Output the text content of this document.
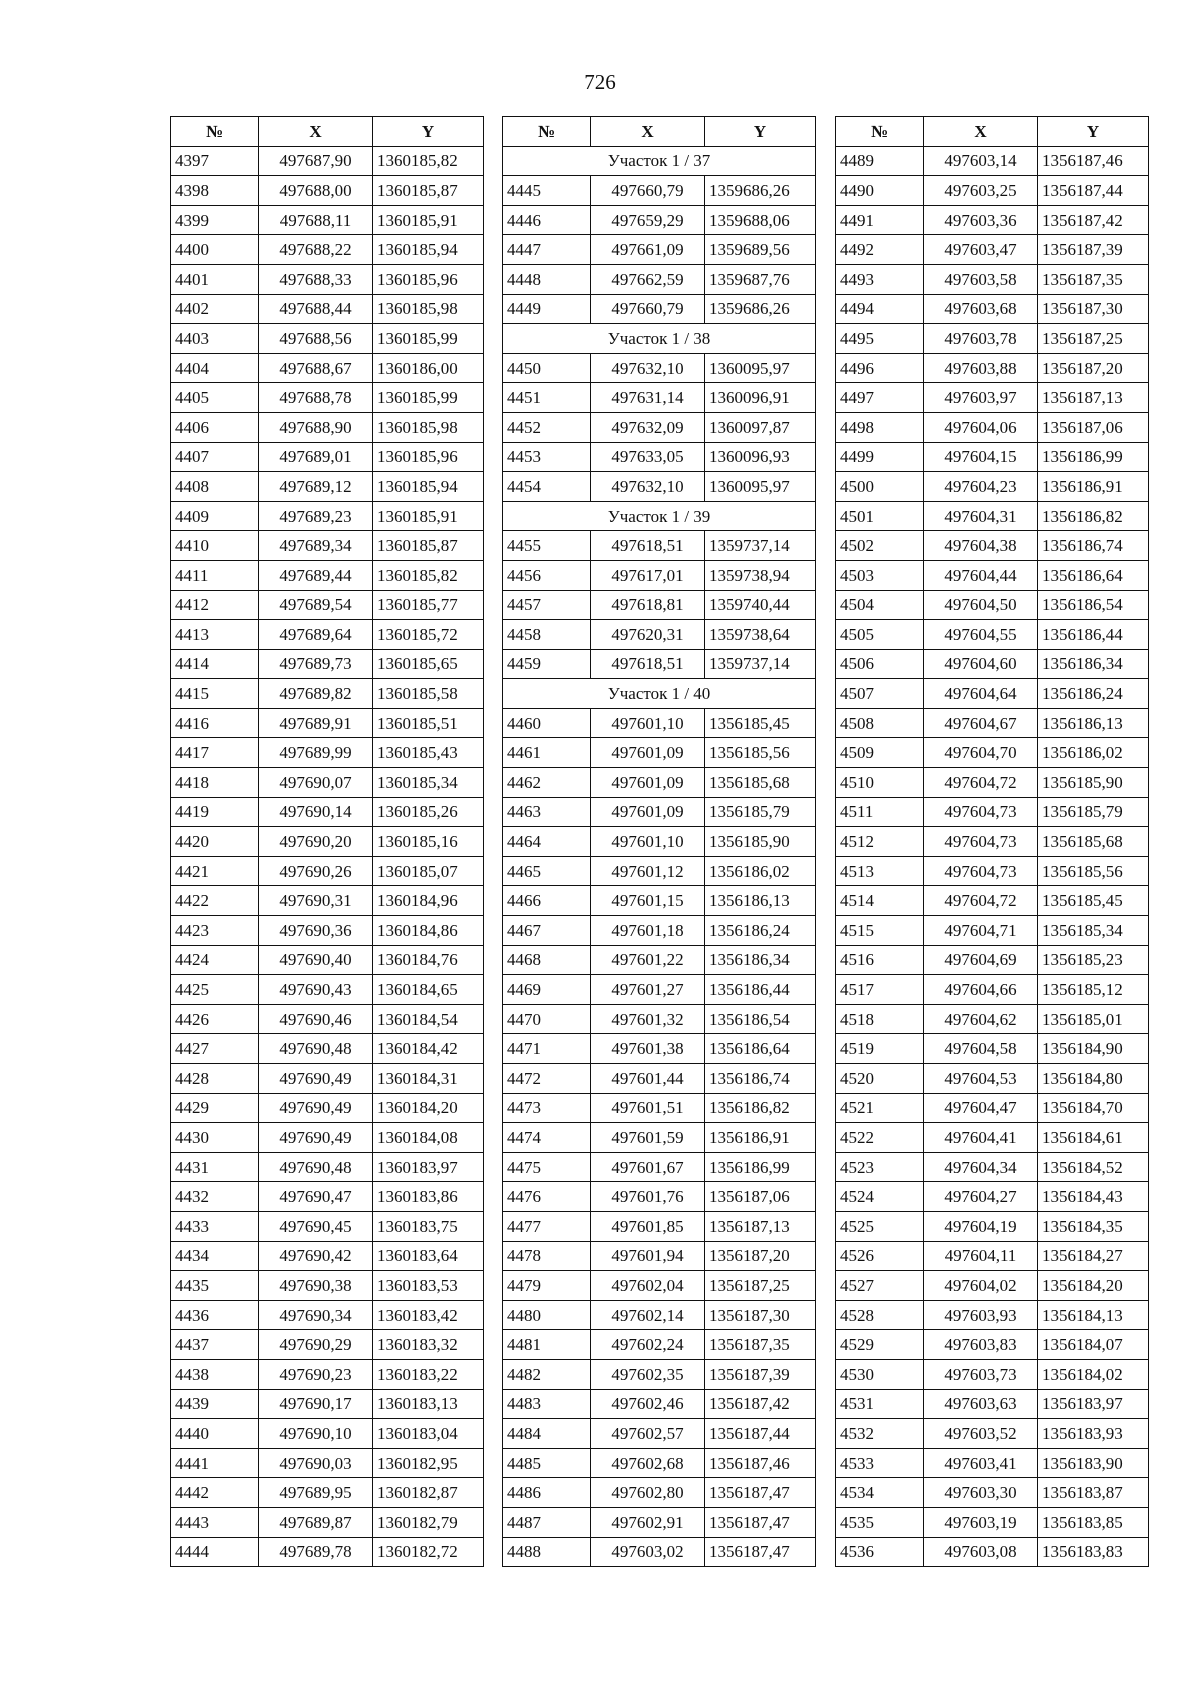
726
№	X	Y
4397	497687,90	1360185,82
4398	497688,00	1360185,87
4399	497688,11	1360185,91
4400	497688,22	1360185,94
4401	497688,33	1360185,96
4402	497688,44	1360185,98
4403	497688,56	1360185,99
4404	497688,67	1360186,00
4405	497688,78	1360185,99
4406	497688,90	1360185,98
4407	497689,01	1360185,96
4408	497689,12	1360185,94
4409	497689,23	1360185,91
4410	497689,34	1360185,87
4411	497689,44	1360185,82
4412	497689,54	1360185,77
4413	497689,64	1360185,72
4414	497689,73	1360185,65
4415	497689,82	1360185,58
4416	497689,91	1360185,51
4417	497689,99	1360185,43
4418	497690,07	1360185,34
4419	497690,14	1360185,26
4420	497690,20	1360185,16
4421	497690,26	1360185,07
4422	497690,31	1360184,96
4423	497690,36	1360184,86
4424	497690,40	1360184,76
4425	497690,43	1360184,65
4426	497690,46	1360184,54
4427	497690,48	1360184,42
4428	497690,49	1360184,31
4429	497690,49	1360184,20
4430	497690,49	1360184,08
4431	497690,48	1360183,97
4432	497690,47	1360183,86
4433	497690,45	1360183,75
4434	497690,42	1360183,64
4435	497690,38	1360183,53
4436	497690,34	1360183,42
4437	497690,29	1360183,32
4438	497690,23	1360183,22
4439	497690,17	1360183,13
4440	497690,10	1360183,04
4441	497690,03	1360182,95
4442	497689,95	1360182,87
4443	497689,87	1360182,79
4444	497689,78	1360182,72
№	X	Y
Участок 1 / 37		
4445	497660,79	1359686,26
4446	497659,29	1359688,06
4447	497661,09	1359689,56
4448	497662,59	1359687,76
4449	497660,79	1359686,26
Участок 1 / 38		
4450	497632,10	1360095,97
4451	497631,14	1360096,91
4452	497632,09	1360097,87
4453	497633,05	1360096,93
4454	497632,10	1360095,97
Участок 1 / 39		
4455	497618,51	1359737,14
4456	497617,01	1359738,94
4457	497618,81	1359740,44
4458	497620,31	1359738,64
4459	497618,51	1359737,14
Участок 1 / 40		
4460	497601,10	1356185,45
4461	497601,09	1356185,56
4462	497601,09	1356185,68
4463	497601,09	1356185,79
4464	497601,10	1356185,90
4465	497601,12	1356186,02
4466	497601,15	1356186,13
4467	497601,18	1356186,24
4468	497601,22	1356186,34
4469	497601,27	1356186,44
4470	497601,32	1356186,54
4471	497601,38	1356186,64
4472	497601,44	1356186,74
4473	497601,51	1356186,82
4474	497601,59	1356186,91
4475	497601,67	1356186,99
4476	497601,76	1356187,06
4477	497601,85	1356187,13
4478	497601,94	1356187,20
4479	497602,04	1356187,25
4480	497602,14	1356187,30
4481	497602,24	1356187,35
4482	497602,35	1356187,39
4483	497602,46	1356187,42
4484	497602,57	1356187,44
4485	497602,68	1356187,46
4486	497602,80	1356187,47
4487	497602,91	1356187,47
4488	497603,02	1356187,47
№	X	Y
4489	497603,14	1356187,46
4490	497603,25	1356187,44
4491	497603,36	1356187,42
4492	497603,47	1356187,39
4493	497603,58	1356187,35
4494	497603,68	1356187,30
4495	497603,78	1356187,25
4496	497603,88	1356187,20
4497	497603,97	1356187,13
4498	497604,06	1356187,06
4499	497604,15	1356186,99
4500	497604,23	1356186,91
4501	497604,31	1356186,82
4502	497604,38	1356186,74
4503	497604,44	1356186,64
4504	497604,50	1356186,54
4505	497604,55	1356186,44
4506	497604,60	1356186,34
4507	497604,64	1356186,24
4508	497604,67	1356186,13
4509	497604,70	1356186,02
4510	497604,72	1356185,90
4511	497604,73	1356185,79
4512	497604,73	1356185,68
4513	497604,73	1356185,56
4514	497604,72	1356185,45
4515	497604,71	1356185,34
4516	497604,69	1356185,23
4517	497604,66	1356185,12
4518	497604,62	1356185,01
4519	497604,58	1356184,90
4520	497604,53	1356184,80
4521	497604,47	1356184,70
4522	497604,41	1356184,61
4523	497604,34	1356184,52
4524	497604,27	1356184,43
4525	497604,19	1356184,35
4526	497604,11	1356184,27
4527	497604,02	1356184,20
4528	497603,93	1356184,13
4529	497603,83	1356184,07
4530	497603,73	1356184,02
4531	497603,63	1356183,97
4532	497603,52	1356183,93
4533	497603,41	1356183,90
4534	497603,30	1356183,87
4535	497603,19	1356183,85
4536	497603,08	1356183,83
